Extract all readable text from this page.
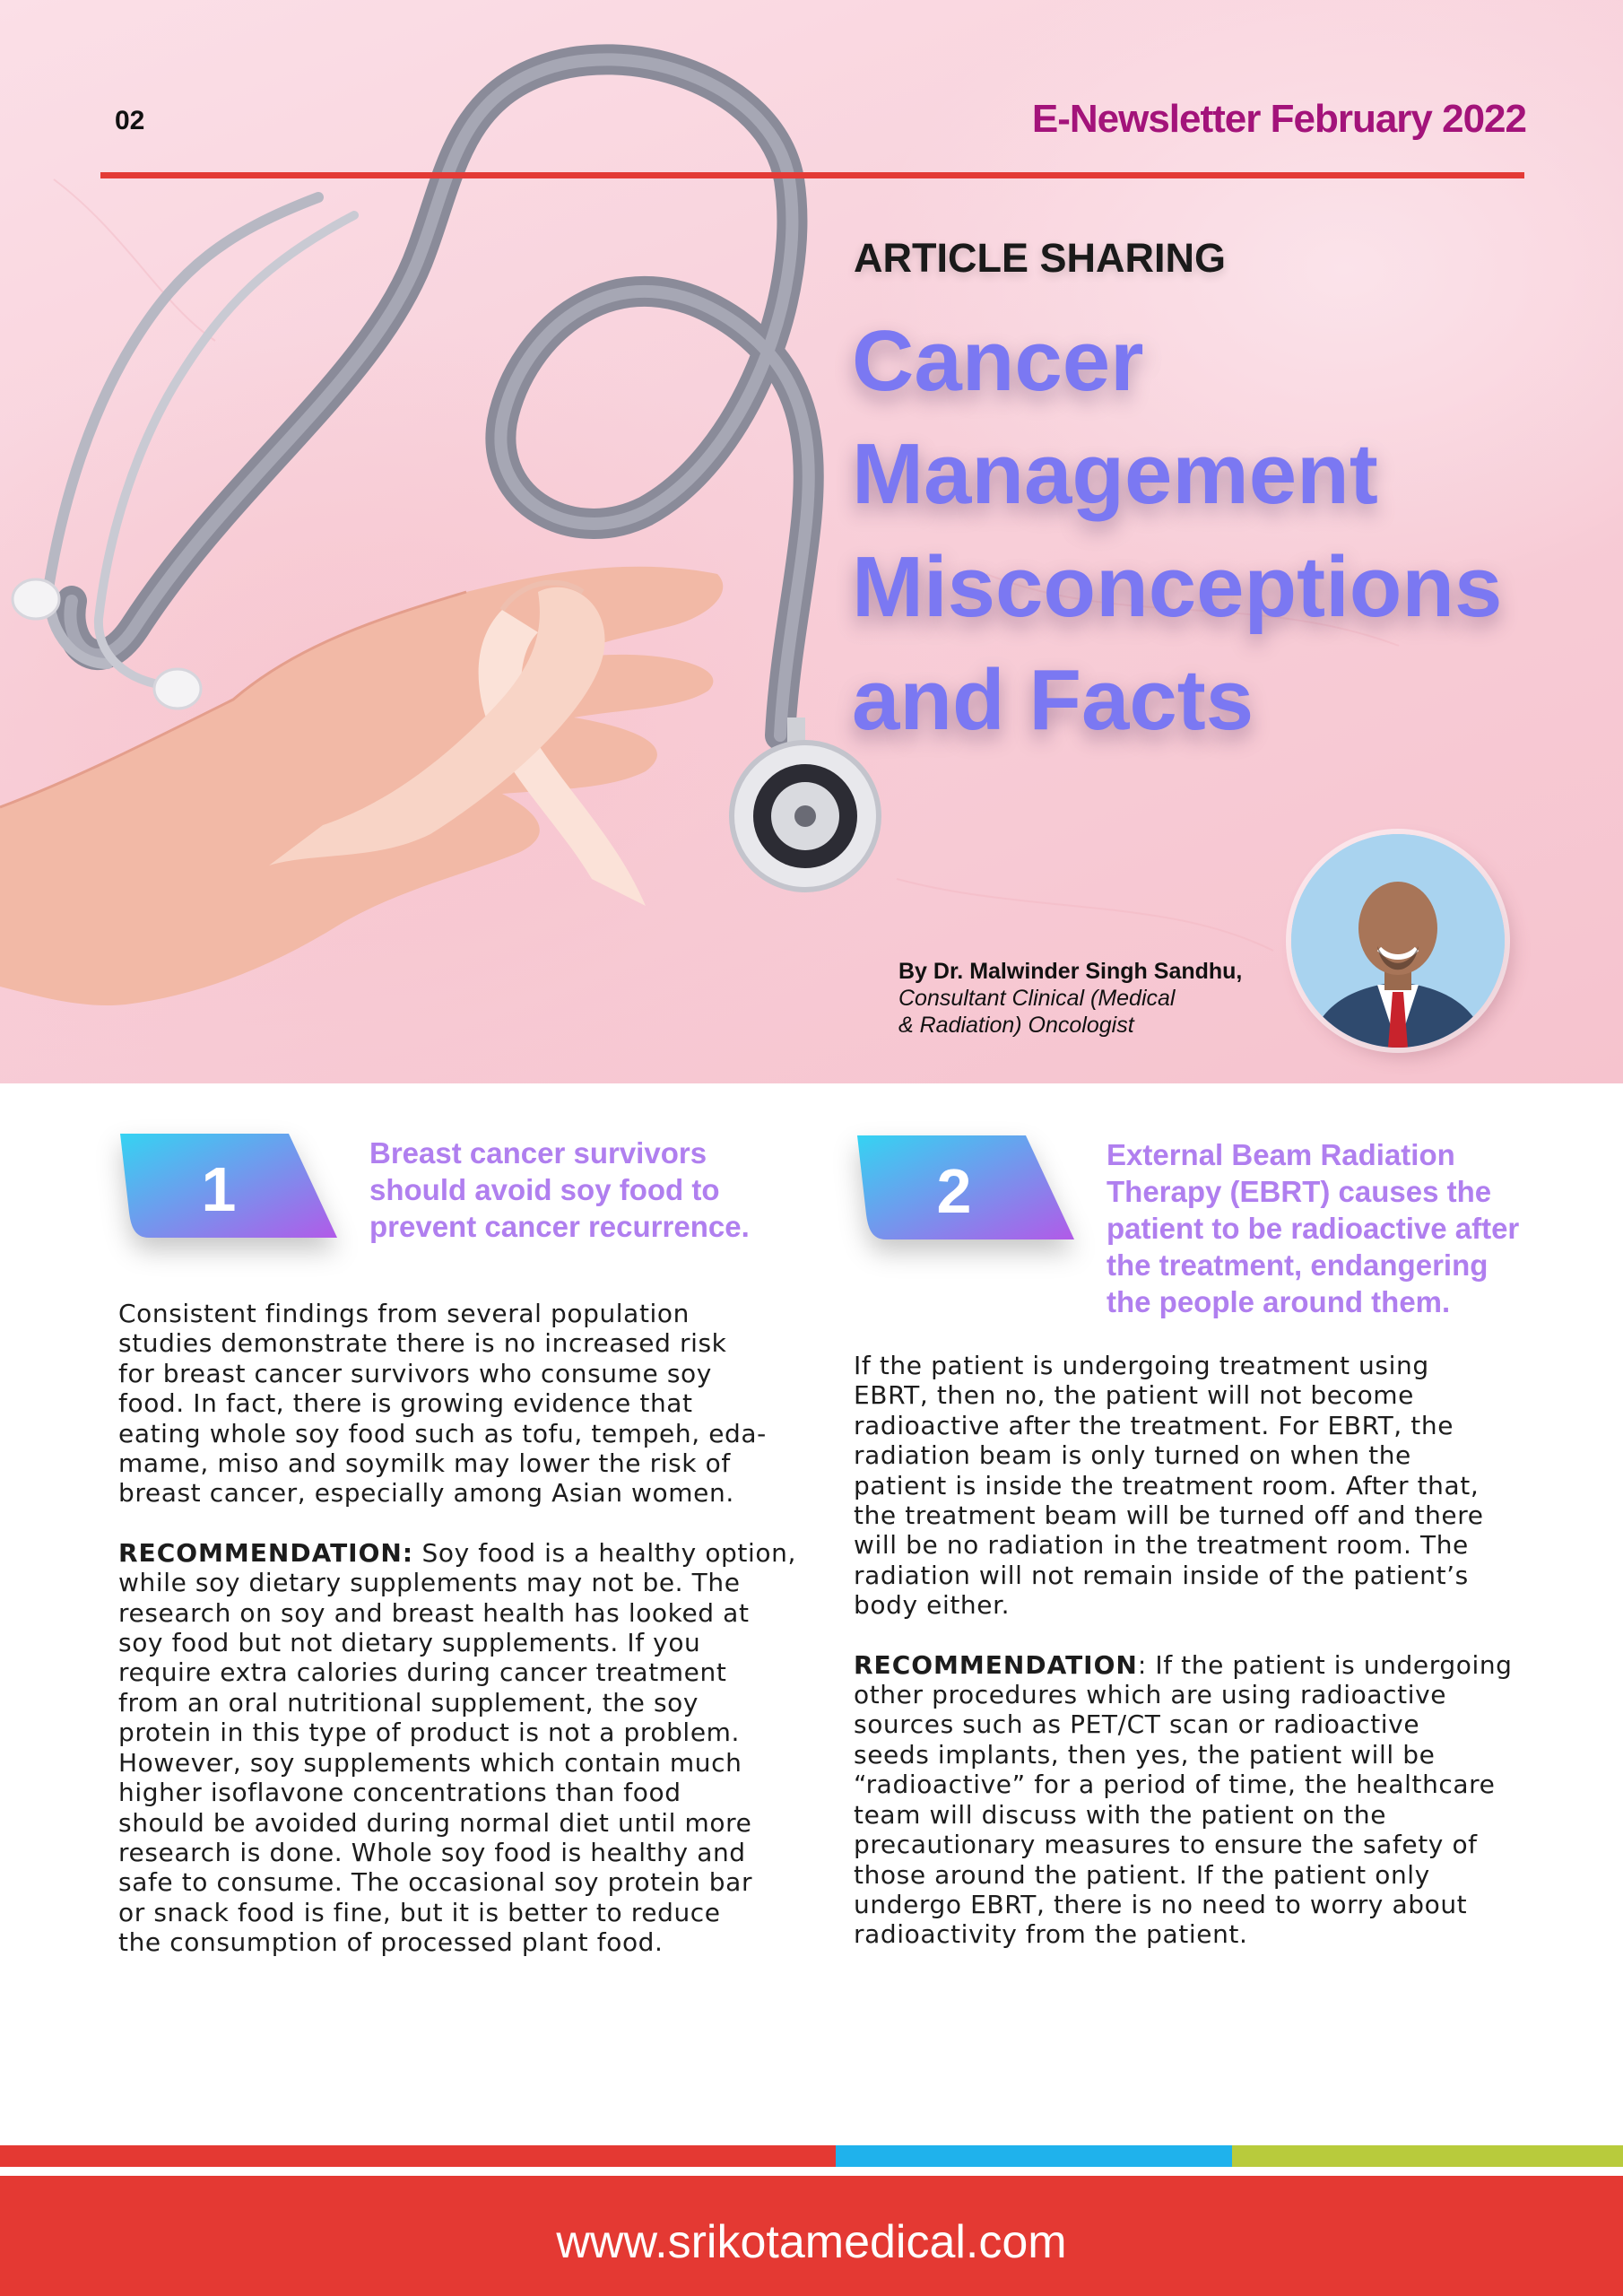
02	E-Newsletter February 2022
ARTICLE SHARING
Cancer
Management
Misconceptions
and Facts
By Dr. Malwinder Singh Sandhu,
Consultant Clinical (Medical
& Radiation) Oncologist
1
Breast cancer survivors
should avoid soy food to
prevent cancer recurrence.

Consistent findings from several population

studies demonstrate there is no increased risk

for breast cancer survivors who consume soy

food. In fact, there is growing evidence that

eating whole soy food such as tofu, tempeh, eda-

mame, miso and soymilk may lower the risk of

breast cancer, especially among Asian women.

RECOMMENDATION: Soy food is a healthy option,

while soy dietary supplements may not be. The

research on soy and breast health has looked at

soy food but not dietary supplements. If you

require extra calories during cancer treatment

from an oral nutritional supplement, the soy

protein in this type of product is not a problem.

However, soy supplements which contain much

higher isoflavone concentrations than food

should be avoided during normal diet until more

research is done. Whole soy food is healthy and

safe to consume. The occasional soy protein bar

or snack food is fine, but it is better to reduce

the consumption of processed plant food.

2
External Beam Radiation
Therapy (EBRT) causes the
patient to be radioactive after
the treatment, endangering
the people around them.

If the patient is undergoing treatment using

EBRT, then no, the patient will not become

radioactive after the treatment. For EBRT, the

radiation beam is only turned on when the

patient is inside the treatment room. After that,

the treatment beam will be turned off and there

will be no radiation in the treatment room. The

radiation will not remain inside of the patient’s

body either.

RECOMMENDATION: If the patient is undergoing

other procedures which are using radioactive

sources such as PET/CT scan or radioactive

seeds implants, then yes, the patient will be

“radioactive” for a period of time, the healthcare

team will discuss with the patient on the

precautionary measures to ensure the safety of

those around the patient. If the patient only

undergo EBRT, there is no need to worry about

radioactivity from the patient.

www.srikotamedical.com
